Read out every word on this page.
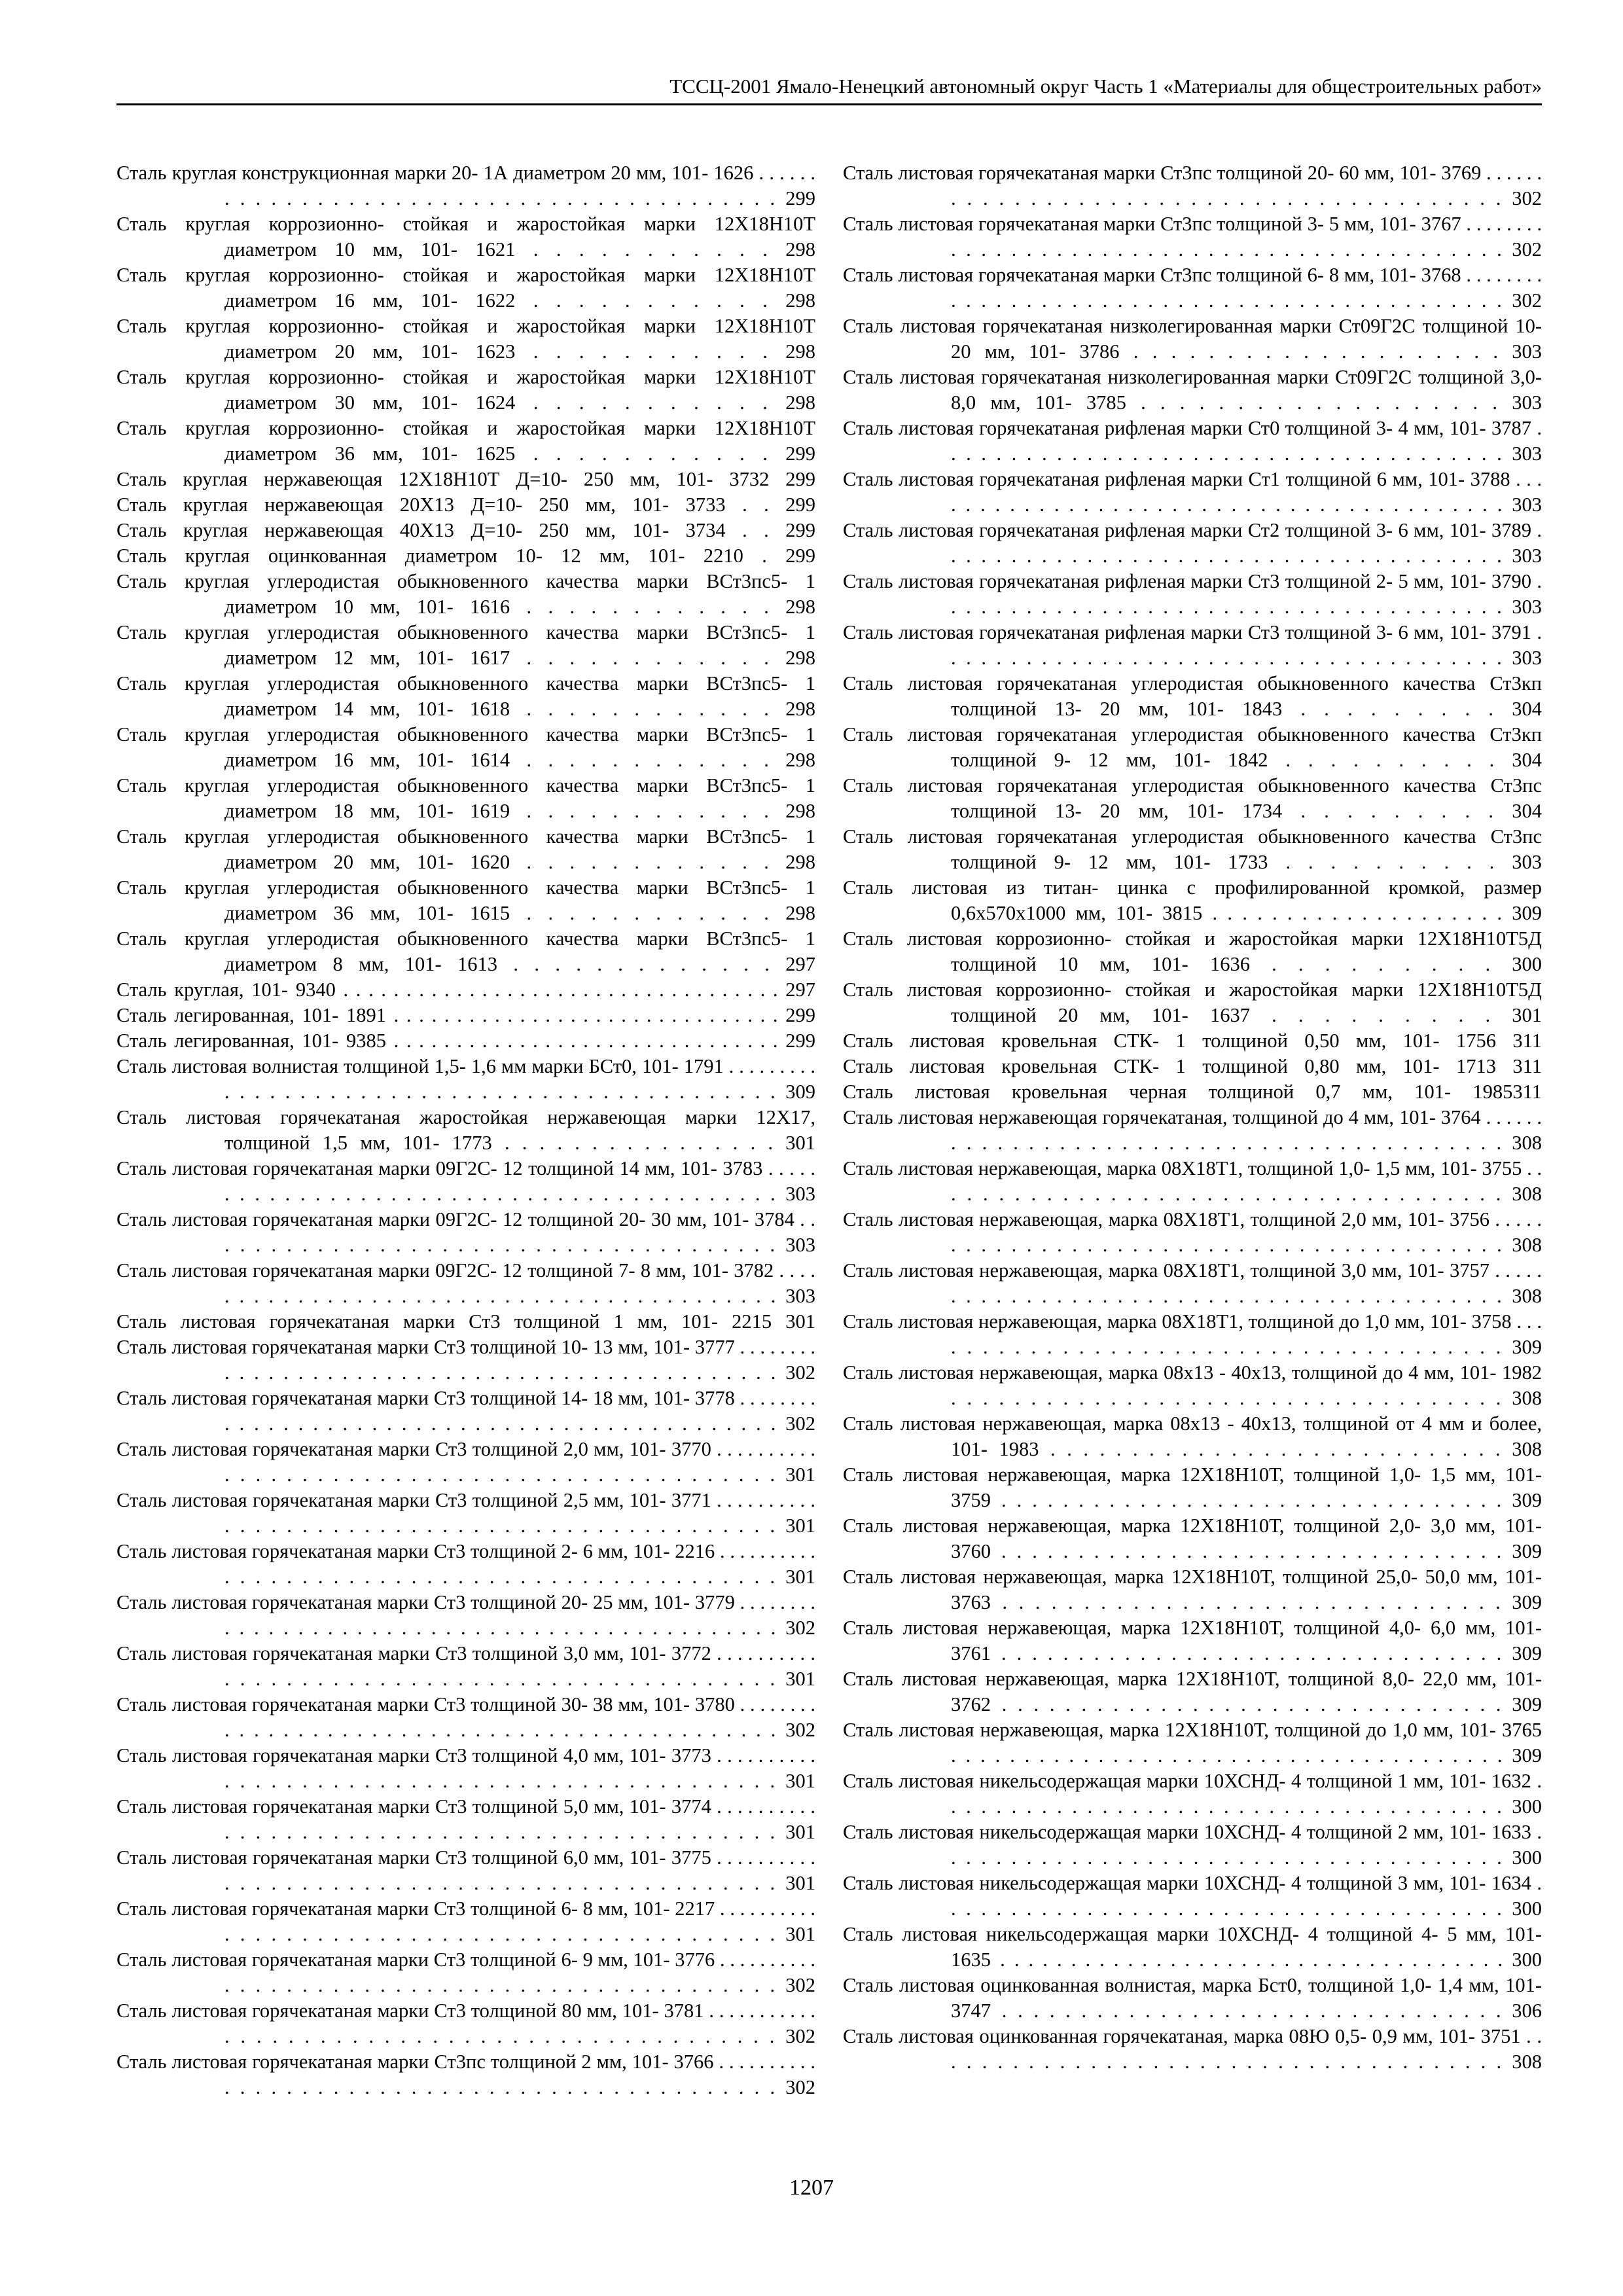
ТССЦ-2001 Ямало-Ненецкий автономный округ Часть 1 «Материалы для общестроительных работ»

Сталь круглая конструкционная марки 20- 1А диаметром 20 мм, 101- 1626 . . . . . . . . . . . . . . . . . . . . . . . . . . . . . . . . . . . . . . . . . . 299

Сталь круглая коррозионно- стойкая и жаростойкая марки 12Х18Н10Т диаметром 10 мм, 101- 1621 . . . . . . . . . . . 298

Сталь круглая коррозионно- стойкая и жаростойкая марки 12Х18Н10Т диаметром 16 мм, 101- 1622 . . . . . . . . . . . 298

Сталь круглая коррозионно- стойкая и жаростойкая марки 12Х18Н10Т диаметром 20 мм, 101- 1623 . . . . . . . . . . . 298

Сталь круглая коррозионно- стойкая и жаростойкая марки 12Х18Н10Т диаметром 30 мм, 101- 1624 . . . . . . . . . . . 298

Сталь круглая коррозионно- стойкая и жаростойкая марки 12Х18Н10Т диаметром 36 мм, 101- 1625 . . . . . . . . . . . 299

Сталь круглая нержавеющая 12Х18Н10Т Д=10- 250 мм, 101- 3732 299

Сталь круглая нержавеющая 20Х13 Д=10- 250 мм, 101- 3733 . . 299

Сталь круглая нержавеющая 40Х13 Д=10- 250 мм, 101- 3734 . . 299

Сталь круглая оцинкованная диаметром 10- 12 мм, 101- 2210 . 299

Сталь круглая углеродистая обыкновенного качества марки ВСт3пс5- 1 диаметром 10 мм, 101- 1616 . . . . . . . . . . . . 298

Сталь круглая углеродистая обыкновенного качества марки ВСт3пс5- 1 диаметром 12 мм, 101- 1617 . . . . . . . . . . . . 298

Сталь круглая углеродистая обыкновенного качества марки ВСт3пс5- 1 диаметром 14 мм, 101- 1618 . . . . . . . . . . . . 298

Сталь круглая углеродистая обыкновенного качества марки ВСт3пс5- 1 диаметром 16 мм, 101- 1614 . . . . . . . . . . . . 298

Сталь круглая углеродистая обыкновенного качества марки ВСт3пс5- 1 диаметром 18 мм, 101- 1619 . . . . . . . . . . . . 298

Сталь круглая углеродистая обыкновенного качества марки ВСт3пс5- 1 диаметром 20 мм, 101- 1620 . . . . . . . . . . . . 298

Сталь круглая углеродистая обыкновенного качества марки ВСт3пс5- 1 диаметром 36 мм, 101- 1615 . . . . . . . . . . . . 298

Сталь круглая углеродистая обыкновенного качества марки ВСт3пс5- 1 диаметром 8 мм, 101- 1613 . . . . . . . . . . . . . 297

Сталь круглая, 101- 9340 . . . . . . . . . . . . . . . . . . . . . . . . . . . . . . . . . . . 297

Сталь легированная, 101- 1891 . . . . . . . . . . . . . . . . . . . . . . . . . . . . . . . 299

Сталь легированная, 101- 9385 . . . . . . . . . . . . . . . . . . . . . . . . . . . . . . . 299

Сталь листовая волнистая толщиной 1,5- 1,6 мм марки БСт0, 101- 1791 . . . . . . . . . . . . . . . . . . . . . . . . . . . . . . . . . . . . . . . . . . . . . . 309

Сталь листовая горячекатаная жаростойкая нержавеющая марки 12Х17, толщиной 1,5 мм, 101- 1773 . . . . . . . . . . . . . . . . 301

Сталь листовая горячекатаная марки 09Г2С- 12 толщиной 14 мм, 101- 3783 . . . . . . . . . . . . . . . . . . . . . . . . . . . . . . . . . . . . . . . . . . 303

Сталь листовая горячекатаная марки 09Г2С- 12 толщиной 20- 30 мм, 101- 3784 . . . . . . . . . . . . . . . . . . . . . . . . . . . . . . . . . . . . . . 303

Сталь листовая горячекатаная марки 09Г2С- 12 толщиной 7- 8 мм, 101- 3782 . . . . . . . . . . . . . . . . . . . . . . . . . . . . . . . . . . . . . . . . . . 303

Сталь листовая горячекатаная марки Ст3 толщиной 1 мм, 101- 2215 301

Сталь листовая горячекатаная марки Ст3 толщиной 10- 13 мм, 101- 3777 . . . . . . . . . . . . . . . . . . . . . . . . . . . . . . . . . . . . . . . . . . . . . . 302

Сталь листовая горячекатаная марки Ст3 толщиной 14- 18 мм, 101- 3778 . . . . . . . . . . . . . . . . . . . . . . . . . . . . . . . . . . . . . . . . . . . . . . 302

Сталь листовая горячекатаная марки Ст3 толщиной 2,0 мм, 101- 3770 . . . . . . . . . . . . . . . . . . . . . . . . . . . . . . . . . . . . . . . . . . . . . . 301

Сталь листовая горячекатаная марки Ст3 толщиной 2,5 мм, 101- 3771 . . . . . . . . . . . . . . . . . . . . . . . . . . . . . . . . . . . . . . . . . . . . . . 301

Сталь листовая горячекатаная марки Ст3 толщиной 2- 6 мм, 101- 2216 . . . . . . . . . . . . . . . . . . . . . . . . . . . . . . . . . . . . . . . . . . . . . . 301

Сталь листовая горячекатаная марки Ст3 толщиной 20- 25 мм, 101- 3779 . . . . . . . . . . . . . . . . . . . . . . . . . . . . . . . . . . . . . . . . . . . . . . 302

Сталь листовая горячекатаная марки Ст3 толщиной 3,0 мм, 101- 3772 . . . . . . . . . . . . . . . . . . . . . . . . . . . . . . . . . . . . . . . . . . . . . . 301

Сталь листовая горячекатаная марки Ст3 толщиной 30- 38 мм, 101- 3780 . . . . . . . . . . . . . . . . . . . . . . . . . . . . . . . . . . . . . . . . . . . . . . 302

Сталь листовая горячекатаная марки Ст3 толщиной 4,0 мм, 101- 3773 . . . . . . . . . . . . . . . . . . . . . . . . . . . . . . . . . . . . . . . . . . . . . . 301

Сталь листовая горячекатаная марки Ст3 толщиной 5,0 мм, 101- 3774 . . . . . . . . . . . . . . . . . . . . . . . . . . . . . . . . . . . . . . . . . . . . . . 301

Сталь листовая горячекатаная марки Ст3 толщиной 6,0 мм, 101- 3775 . . . . . . . . . . . . . . . . . . . . . . . . . . . . . . . . . . . . . . . . . . . . . . 301

Сталь листовая горячекатаная марки Ст3 толщиной 6- 8 мм, 101- 2217 . . . . . . . . . . . . . . . . . . . . . . . . . . . . . . . . . . . . . . . . . . . . . . 301

Сталь листовая горячекатаная марки Ст3 толщиной 6- 9 мм, 101- 3776 . . . . . . . . . . . . . . . . . . . . . . . . . . . . . . . . . . . . . . . . . . . . . . 302

Сталь листовая горячекатаная марки Ст3 толщиной 80 мм, 101- 3781 . . . . . . . . . . . . . . . . . . . . . . . . . . . . . . . . . . . . . . . . . . . . . . 302

Сталь листовая горячекатаная марки Ст3пс толщиной 2 мм, 101- 3766 . . . . . . . . . . . . . . . . . . . . . . . . . . . . . . . . . . . . . . . . . . . . . . 302

Сталь листовая горячекатаная марки Ст3пс толщиной 20- 60 мм, 101- 3769 . . . . . . . . . . . . . . . . . . . . . . . . . . . . . . . . . . . . . . . . . 302

Сталь листовая горячекатаная марки Ст3пс толщиной 3- 5 мм, 101- 3767 . . . . . . . . . . . . . . . . . . . . . . . . . . . . . . . . . . . . . . . . . . . . . 302

Сталь листовая горячекатаная марки Ст3пс толщиной 6- 8 мм, 101- 3768 . . . . . . . . . . . . . . . . . . . . . . . . . . . . . . . . . . . . . . . . . . . . . 302

Сталь листовая горячекатаная низколегированная марки Ст09Г2С толщиной 10- 20 мм, 101- 3786 . . . . . . . . . . . . . . . . . . . . 303

Сталь листовая горячекатаная низколегированная марки Ст09Г2С толщиной 3,0- 8,0 мм, 101- 3785 . . . . . . . . . . . . . . . . . . . 303

Сталь листовая горячекатаная рифленая марки Ст0 толщиной 3- 4 мм, 101- 3787 . . . . . . . . . . . . . . . . . . . . . . . . . . . . . . . . . . . . . . 303

Сталь листовая горячекатаная рифленая марки Ст1 толщиной 6 мм, 101- 3788 . . . . . . . . . . . . . . . . . . . . . . . . . . . . . . . . . . . . . . . . . 303

Сталь листовая горячекатаная рифленая марки Ст2 толщиной 3- 6 мм, 101- 3789 . . . . . . . . . . . . . . . . . . . . . . . . . . . . . . . . . . . . . . 303

Сталь листовая горячекатаная рифленая марки Ст3 толщиной 2- 5 мм, 101- 3790 . . . . . . . . . . . . . . . . . . . . . . . . . . . . . . . . . . . . . . 303

Сталь листовая горячекатаная рифленая марки Ст3 толщиной 3- 6 мм, 101- 3791 . . . . . . . . . . . . . . . . . . . . . . . . . . . . . . . . . . . . . . 303

Сталь листовая горячекатаная углеродистая обыкновенного качества Ст3кп толщиной 13- 20 мм, 101- 1843 . . . . . . . . . 304

Сталь листовая горячекатаная углеродистая обыкновенного качества Ст3кп толщиной 9- 12 мм, 101- 1842 . . . . . . . . . . 304

Сталь листовая горячекатаная углеродистая обыкновенного качества Ст3пс толщиной 13- 20 мм, 101- 1734 . . . . . . . . . 304

Сталь листовая горячекатаная углеродистая обыкновенного качества Ст3пс толщиной 9- 12 мм, 101- 1733 . . . . . . . . . . 303

Сталь листовая из титан- цинка с профилированной кромкой, размер 0,6х570х1000 мм, 101- 3815 . . . . . . . . . . . . . . . . . . . . 309

Сталь листовая коррозионно- стойкая и жаростойкая марки 12Х18Н10Т5Д толщиной 10 мм, 101- 1636 . . . . . . . . . 300

Сталь листовая коррозионно- стойкая и жаростойкая марки 12Х18Н10Т5Д толщиной 20 мм, 101- 1637 . . . . . . . . . 301

Сталь листовая кровельная СТК- 1 толщиной 0,50 мм, 101- 1756 311

Сталь листовая кровельная СТК- 1 толщиной 0,80 мм, 101- 1713 311

Сталь листовая кровельная черная толщиной 0,7 мм, 101- 1985311

Сталь листовая нержавеющая горячекатаная, толщиной до 4 мм, 101- 3764 . . . . . . . . . . . . . . . . . . . . . . . . . . . . . . . . . . . . . . . . . . 308

Сталь листовая нержавеющая, марка 08Х18Т1, толщиной 1,0- 1,5 мм, 101- 3755 . . . . . . . . . . . . . . . . . . . . . . . . . . . . . . . . . . . . . 308

Сталь листовая нержавеющая, марка 08Х18Т1, толщиной 2,0 мм, 101- 3756 . . . . . . . . . . . . . . . . . . . . . . . . . . . . . . . . . . . . . . . . . . 308

Сталь листовая нержавеющая, марка 08Х18Т1, толщиной 3,0 мм, 101- 3757 . . . . . . . . . . . . . . . . . . . . . . . . . . . . . . . . . . . . . . . . . . 308

Сталь листовая нержавеющая, марка 08Х18Т1, толщиной до 1,0 мм, 101- 3758 . . . . . . . . . . . . . . . . . . . . . . . . . . . . . . . . . . . . . . 309

Сталь листовая нержавеющая, марка 08х13 - 40х13, толщиной до 4 мм, 101- 1982 . . . . . . . . . . . . . . . . . . . . . . . . . . . . . . . . . . . 308

Сталь листовая нержавеющая, марка 08х13 - 40х13, толщиной от 4 мм и более, 101- 1983 . . . . . . . . . . . . . . . . . . . . . . . . . . . . 308

Сталь листовая нержавеющая, марка 12Х18Н10Т, толщиной 1,0- 1,5 мм, 101- 3759 . . . . . . . . . . . . . . . . . . . . . . . . . . . . . . . . . 309

Сталь листовая нержавеющая, марка 12Х18Н10Т, толщиной 2,0- 3,0 мм, 101- 3760 . . . . . . . . . . . . . . . . . . . . . . . . . . . . . . . . . 309

Сталь листовая нержавеющая, марка 12Х18Н10Т, толщиной 25,0- 50,0 мм, 101- 3763 . . . . . . . . . . . . . . . . . . . . . . . . . . . . . . . 309

Сталь листовая нержавеющая, марка 12Х18Н10Т, толщиной 4,0- 6,0 мм, 101- 3761 . . . . . . . . . . . . . . . . . . . . . . . . . . . . . . . . . 309

Сталь листовая нержавеющая, марка 12Х18Н10Т, толщиной 8,0- 22,0 мм, 101- 3762 . . . . . . . . . . . . . . . . . . . . . . . . . . . . . . . . 309

Сталь листовая нержавеющая, марка 12Х18Н10Т, толщиной до 1,0 мм, 101- 3765 . . . . . . . . . . . . . . . . . . . . . . . . . . . . . . . . . . . . . . 309

Сталь листовая никельсодержащая марки 10ХСНД- 4 толщиной 1 мм, 101- 1632 . . . . . . . . . . . . . . . . . . . . . . . . . . . . . . . . . . . . . . 300

Сталь листовая никельсодержащая марки 10ХСНД- 4 толщиной 2 мм, 101- 1633 . . . . . . . . . . . . . . . . . . . . . . . . . . . . . . . . . . . . . . 300

Сталь листовая никельсодержащая марки 10ХСНД- 4 толщиной 3 мм, 101- 1634 . . . . . . . . . . . . . . . . . . . . . . . . . . . . . . . . . . . . . . 300

Сталь листовая никельсодержащая марки 10ХСНД- 4 толщиной 4- 5 мм, 101- 1635 . . . . . . . . . . . . . . . . . . . . . . . . . . . . . . . . . . . . 300

Сталь листовая оцинкованная волнистая, марка Бст0, толщиной 1,0- 1,4 мм, 101- 3747 . . . . . . . . . . . . . . . . . . . . . . . . . . . . . . . . 306

Сталь листовая оцинкованная горячекатаная, марка 08Ю 0,5- 0,9 мм, 101- 3751 . . . . . . . . . . . . . . . . . . . . . . . . . . . . . . . . . . . . . . 308

1207
